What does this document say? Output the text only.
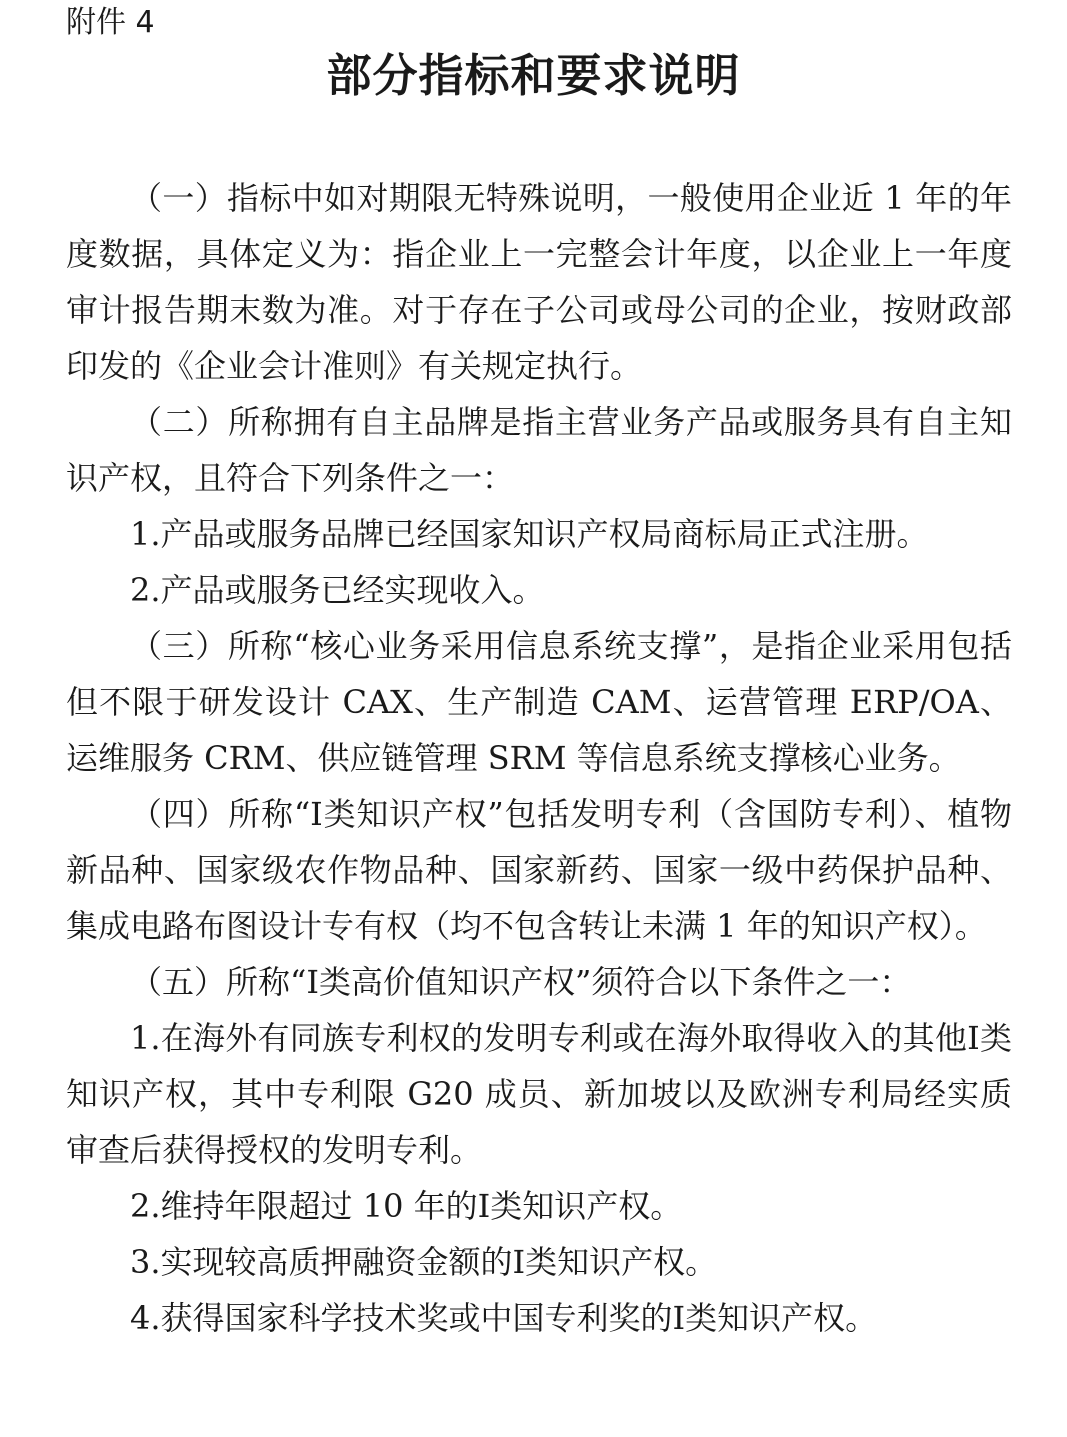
附件 4
部分指标和要求说明

（一）指标中如对期限无特殊说明，一般使用企业近 1 年的年度数据，具体定义为：指企业上一完整会计年度，以企业上一年度审计报告期末数为准。对于存在子公司或母公司的企业，按财政部印发的《企业会计准则》有关规定执行。

（二）所称拥有自主品牌是指主营业务产品或服务具有自主知识产权，且符合下列条件之一：

1.产品或服务品牌已经国家知识产权局商标局正式注册。

2.产品或服务已经实现收入。

（三）所称“核心业务采用信息系统支撑”，是指企业采用包括但不限于研发设计 CAX、生产制造 CAM、运营管理 ERP/OA、运维服务 CRM、供应链管理 SRM 等信息系统支撑核心业务。

（四）所称“I类知识产权”包括发明专利（含国防专利）、植物新品种、国家级农作物品种、国家新药、国家一级中药保护品种、集成电路布图设计专有权（均不包含转让未满 1 年的知识产权）。

（五）所称“I类高价值知识产权”须符合以下条件之一：

1.在海外有同族专利权的发明专利或在海外取得收入的其他I类知识产权，其中专利限 G20 成员、新加坡以及欧洲专利局经实质审查后获得授权的发明专利。

2.维持年限超过 10 年的I类知识产权。

3.实现较高质押融资金额的I类知识产权。

4.获得国家科学技术奖或中国专利奖的I类知识产权。
